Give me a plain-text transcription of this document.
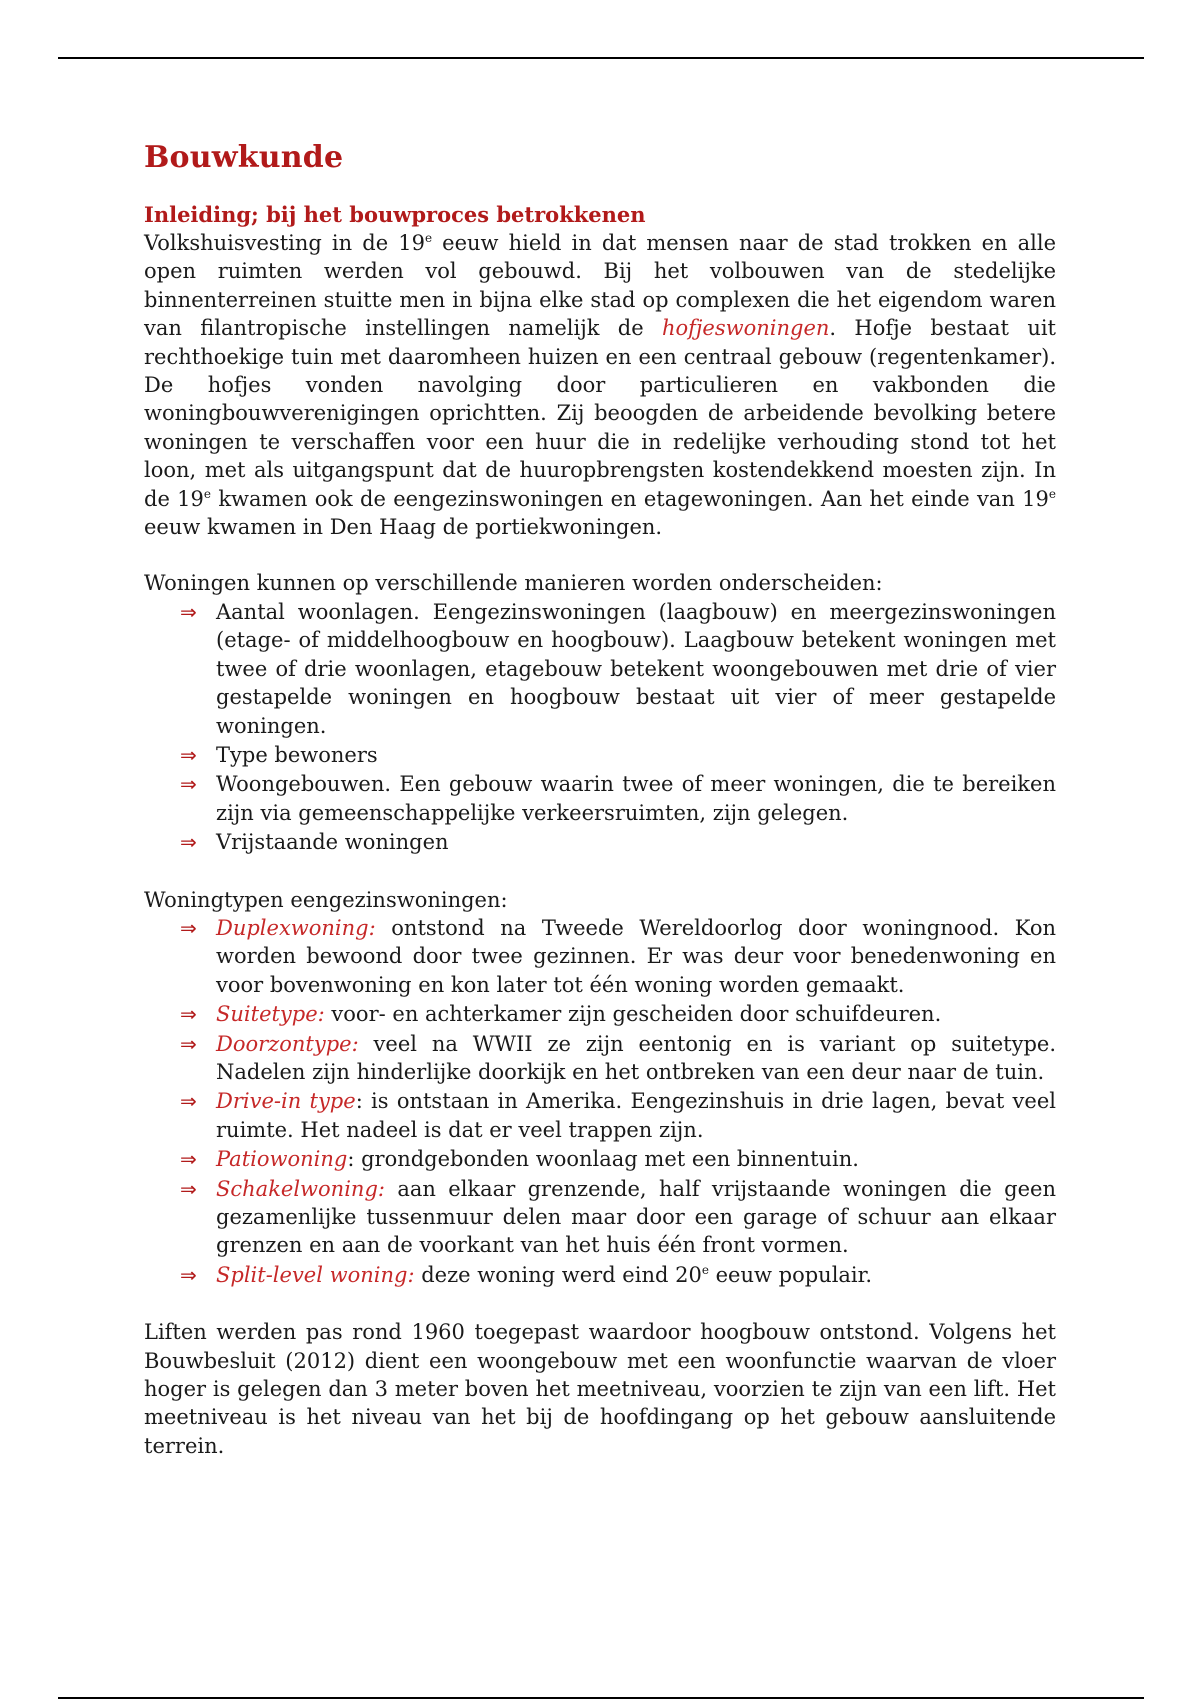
Bouwkunde
Inleiding; bij het bouwproces betrokkenen

Volkshuisvesting in de 19e eeuw hield in dat mensen naar de stad trokken en alle open ruimten werden vol gebouwd. Bij het volbouwen van de stedelijke binnenterreinen stuitte men in bijna elke stad op complexen die het eigendom waren van filantropische instellingen namelijk de hofjeswoningen. Hofje bestaat uit rechthoekige tuin met daaromheen huizen en een centraal gebouw (regentenkamer). De hofjes vonden navolging door particulieren en vakbonden die woningbouwverenigingen oprichtten. Zij beoogden de arbeidende bevolking betere woningen te verschaffen voor een huur die in redelijke verhouding stond tot het loon, met als uitgangspunt dat de huuropbrengsten kostendekkend moesten zijn. In de 19e kwamen ook de eengezinswoningen en etagewoningen. Aan het einde van 19e eeuw kwamen in Den Haag de portiekwoningen.

Woningen kunnen op verschillende manieren worden onderscheiden:

⇒ Aantal woonlagen. Eengezinswoningen (laagbouw) en meergezinswoningen (etage- of middelhoogbouw en hoogbouw). Laagbouw betekent woningen met twee of drie woonlagen, etagebouw betekent woongebouwen met drie of vier gestapelde woningen en hoogbouw bestaat uit vier of meer gestapelde woningen.
⇒ Type bewoners
⇒ Woongebouwen. Een gebouw waarin twee of meer woningen, die te bereiken zijn via gemeenschappelijke verkeersruimten, zijn gelegen.
⇒ Vrijstaande woningen

Woningtypen eengezinswoningen:

⇒ Duplexwoning: ontstond na Tweede Wereldoorlog door woningnood. Kon worden bewoond door twee gezinnen. Er was deur voor benedenwoning en voor bovenwoning en kon later tot één woning worden gemaakt.
⇒ Suitetype: voor- en achterkamer zijn gescheiden door schuifdeuren.
⇒ Doorzontype: veel na WWII ze zijn eentonig en is variant op suitetype. Nadelen zijn hinderlijke doorkijk en het ontbreken van een deur naar de tuin.
⇒ Drive-in type: is ontstaan in Amerika. Eengezinshuis in drie lagen, bevat veel ruimte. Het nadeel is dat er veel trappen zijn.
⇒ Patiowoning: grondgebonden woonlaag met een binnentuin.
⇒ Schakelwoning: aan elkaar grenzende, half vrijstaande woningen die geen gezamenlijke tussenmuur delen maar door een garage of schuur aan elkaar grenzen en aan de voorkant van het huis één front vormen.
⇒ Split-level woning: deze woning werd eind 20e eeuw populair.

Liften werden pas rond 1960 toegepast waardoor hoogbouw ontstond. Volgens het Bouwbesluit (2012) dient een woongebouw met een woonfunctie waarvan de vloer hoger is gelegen dan 3 meter boven het meetniveau, voorzien te zijn van een lift. Het meetniveau is het niveau van het bij de hoofdingang op het gebouw aansluitende terrein.
